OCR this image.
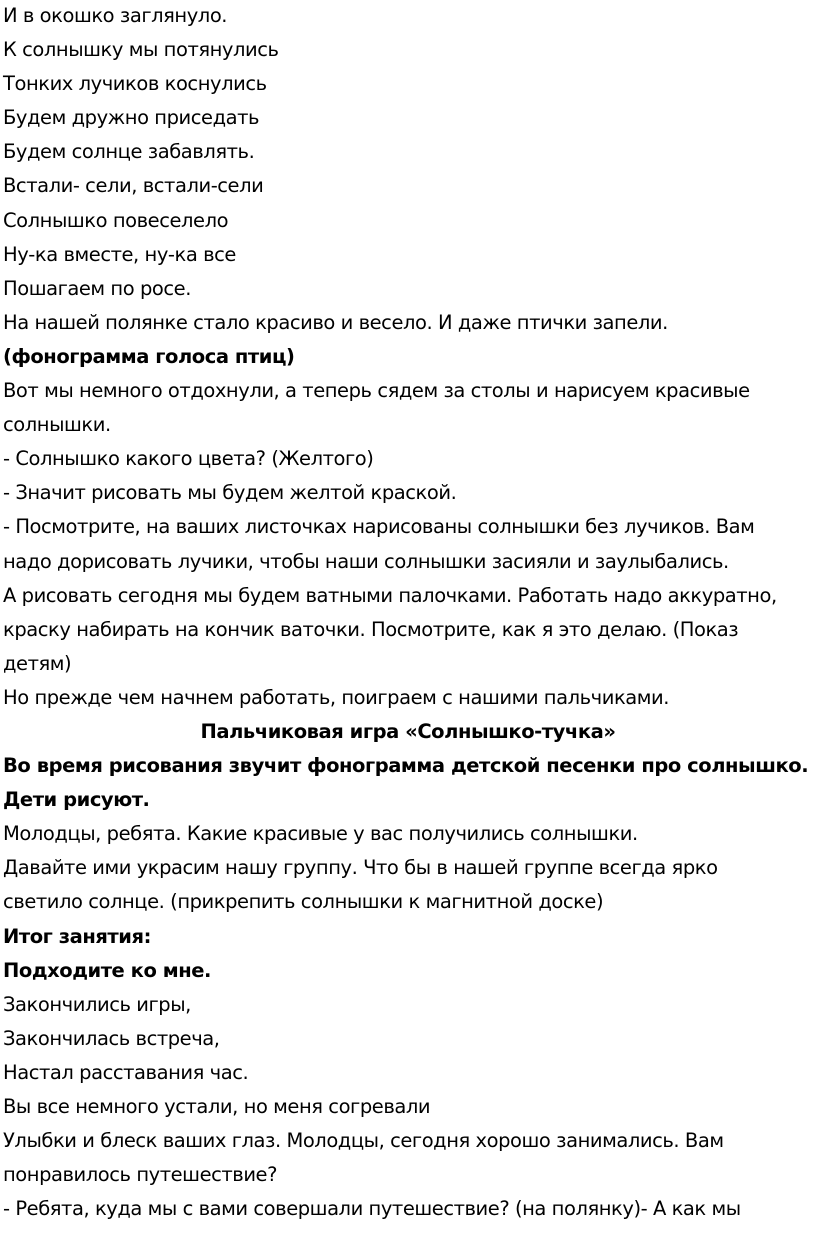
И в окошко заглянуло.

К солнышку мы потянулись

Тонких лучиков коснулись

Будем дружно приседать

Будем солнце забавлять.

Встали- сели, встали-сели

Солнышко повеселело

Ну-ка вместе, ну-ка все

Пошагаем по росе.

На нашей полянке стало красиво и весело. И даже птички запели.

(фонограмма голоса птиц)

Вот мы немного отдохнули, а теперь сядем за столы и нарисуем красивые

солнышки.

- Солнышко какого цвета? (Желтого)

- Значит рисовать мы будем желтой краской.

- Посмотрите, на ваших листочках нарисованы солнышки без лучиков. Вам

надо дорисовать лучики, чтобы наши солнышки засияли и заулыбались.

А рисовать сегодня мы будем ватными палочками. Работать надо аккуратно,

краску набирать на кончик ваточки. Посмотрите, как я это делаю. (Показ

детям)

Но прежде чем начнем работать, поиграем с нашими пальчиками.

Пальчиковая игра «Солнышко-тучка»

Во время рисования звучит фонограмма детской песенки про солнышко.

Дети рисуют.

Молодцы, ребята. Какие красивые у вас получились солнышки.

Давайте ими украсим нашу группу. Что бы в нашей группе всегда ярко

светило солнце. (прикрепить солнышки к магнитной доске)

Итог занятия:

Подходите ко мне.

Закончились игры,

Закончилась встреча,

Настал расставания час.

Вы все немного устали, но меня согревали

Улыбки и блеск ваших глаз. Молодцы, сегодня хорошо занимались. Вам

понравилось путешествие?

- Ребята, куда мы с вами совершали путешествие? (на полянку)- А как мы
